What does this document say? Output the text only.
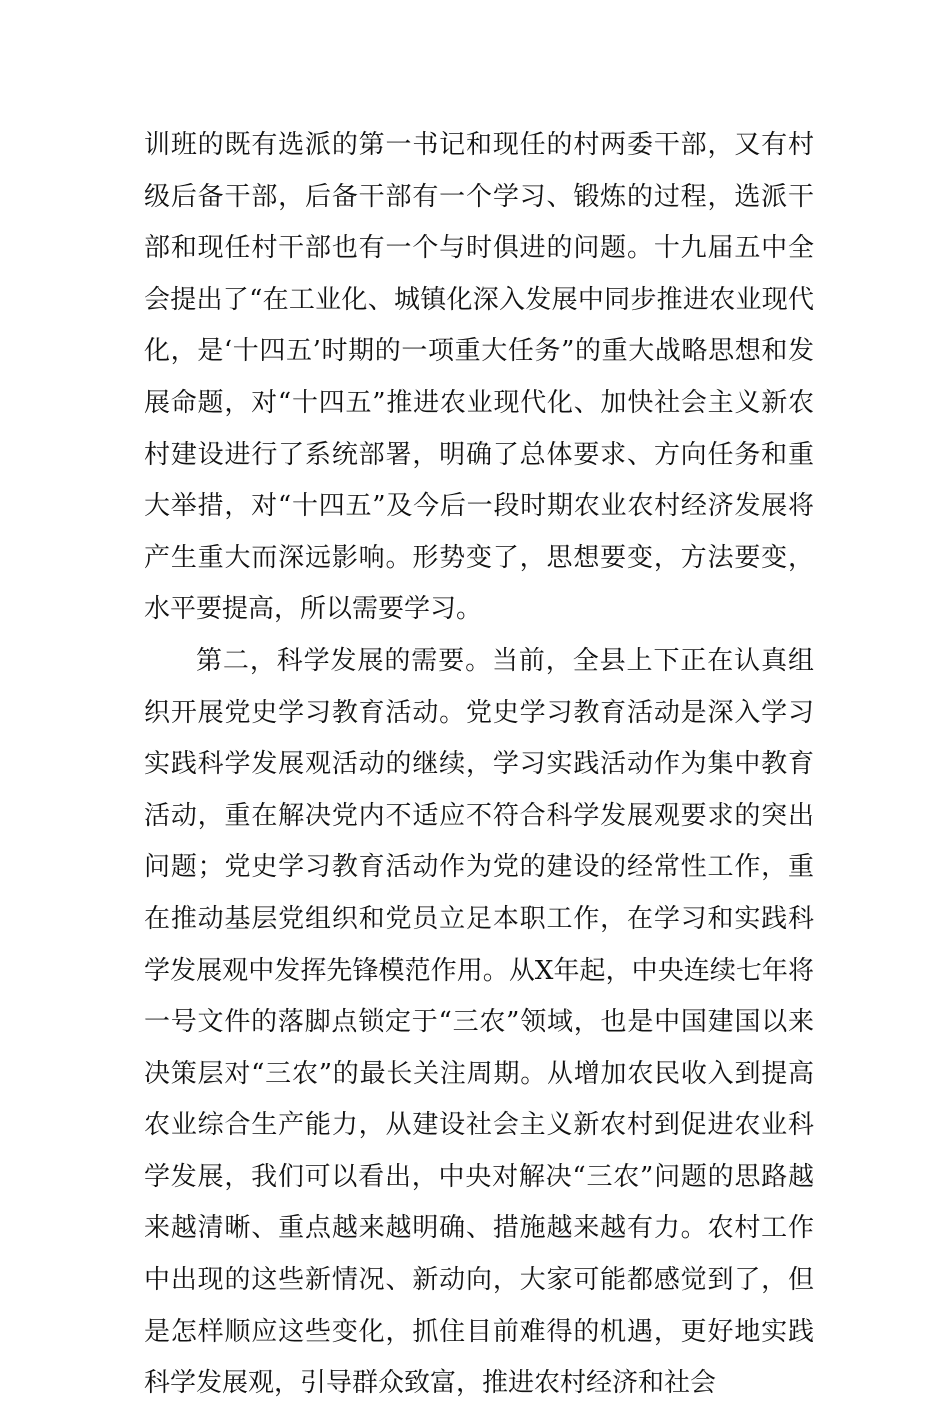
训班的既有选派的第一书记和现任的村两委干部，又有村级后备干部，后备干部有一个学习、锻炼的过程，选派干部和现任村干部也有一个与时俱进的问题。十九届五中全会提出了“在工业化、城镇化深入发展中同步推进农业现代化，是‘十四五’时期的一项重大任务”的重大战略思想和发展命题，对“十四五”推进农业现代化、加快社会主义新农村建设进行了系统部署，明确了总体要求、方向任务和重大举措，对“十四五”及今后一段时期农业农村经济发展将产生重大而深远影响。形势变了，思想要变，方法要变，水平要提高，所以需要学习。

第二，科学发展的需要。当前，全县上下正在认真组织开展党史学习教育活动。党史学习教育活动是深入学习实践科学发展观活动的继续，学习实践活动作为集中教育活动，重在解决党内不适应不符合科学发展观要求的突出问题；党史学习教育活动作为党的建设的经常性工作，重在推动基层党组织和党员立足本职工作，在学习和实践科学发展观中发挥先锋模范作用。从X年起，中央连续七年将一号文件的落脚点锁定于“三农”领域，也是中国建国以来决策层对“三农”的最长关注周期。从增加农民收入到提高农业综合生产能力，从建设社会主义新农村到促进农业科学发展，我们可以看出，中央对解决“三农”问题的思路越来越清晰、重点越来越明确、措施越来越有力。农村工作中出现的这些新情况、新动向，大家可能都感觉到了，但是怎样顺应这些变化，抓住目前难得的机遇，更好地实践科学发展观，引导群众致富，推进农村经济和社会
